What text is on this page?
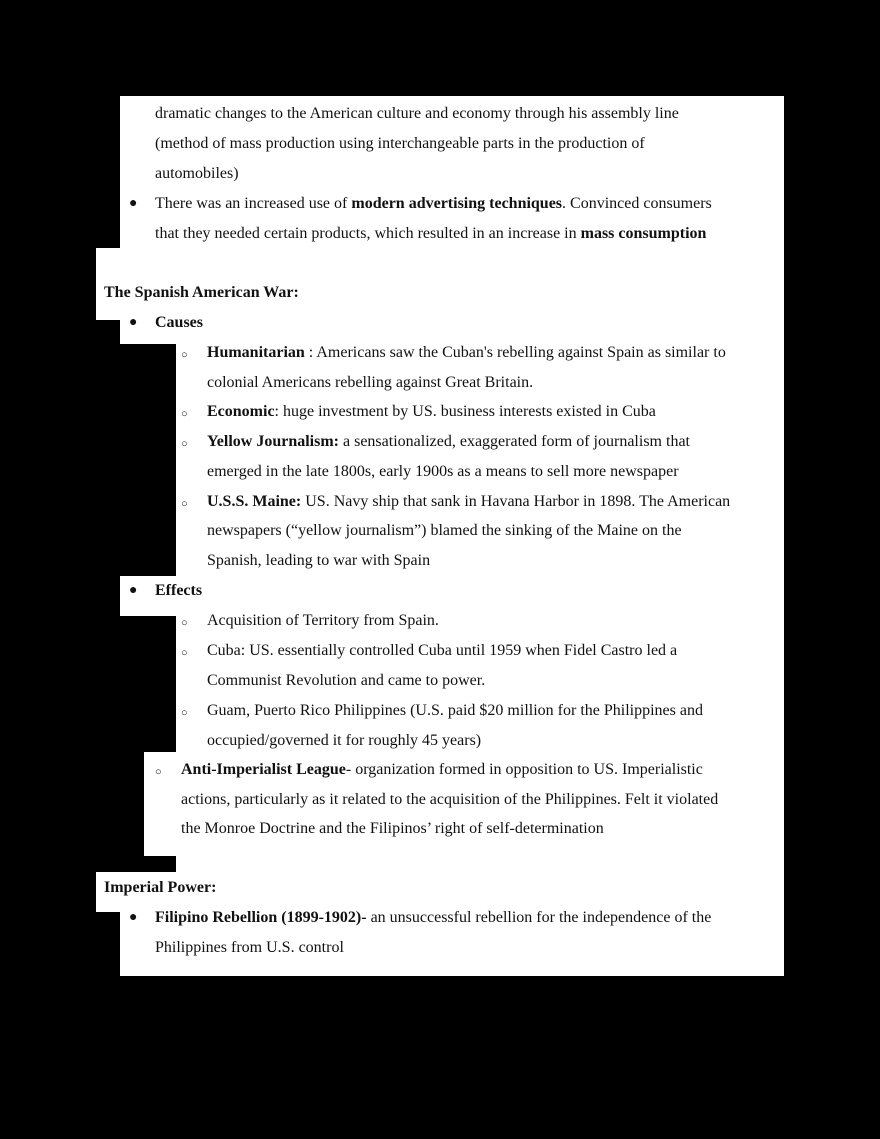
dramatic changes to the American culture and economy through his assembly line
(method of mass production using interchangeable parts in the production of
automobiles)
● There was an increased use of modern advertising techniques. Convinced consumers
that they needed certain products, which resulted in an increase in mass consumption
The Spanish American War:
● Causes
○ Humanitarian : Americans saw the Cuban's rebelling against Spain as similar to
colonial Americans rebelling against Great Britain.
○ Economic: huge investment by US. business interests existed in Cuba
○ Yellow Journalism: a sensationalized, exaggerated form of journalism that
emerged in the late 1800s, early 1900s as a means to sell more newspaper
○ U.S.S. Maine: US. Navy ship that sank in Havana Harbor in 1898. The American
newspapers (“yellow journalism”) blamed the sinking of the Maine on the
Spanish, leading to war with Spain
● Effects
○ Acquisition of Territory from Spain.
○ Cuba: US. essentially controlled Cuba until 1959 when Fidel Castro led a
Communist Revolution and came to power.
○ Guam, Puerto Rico Philippines (U.S. paid $20 million for the Philippines and
occupied/governed it for roughly 45 years)
○ Anti-Imperialist League- organization formed in opposition to US. Imperialistic
actions, particularly as it related to the acquisition of the Philippines. Felt it violated
the Monroe Doctrine and the Filipinos’ right of self-determination
Imperial Power:
● Filipino Rebellion (1899-1902)- an unsuccessful rebellion for the independence of the
Philippines from U.S. control
